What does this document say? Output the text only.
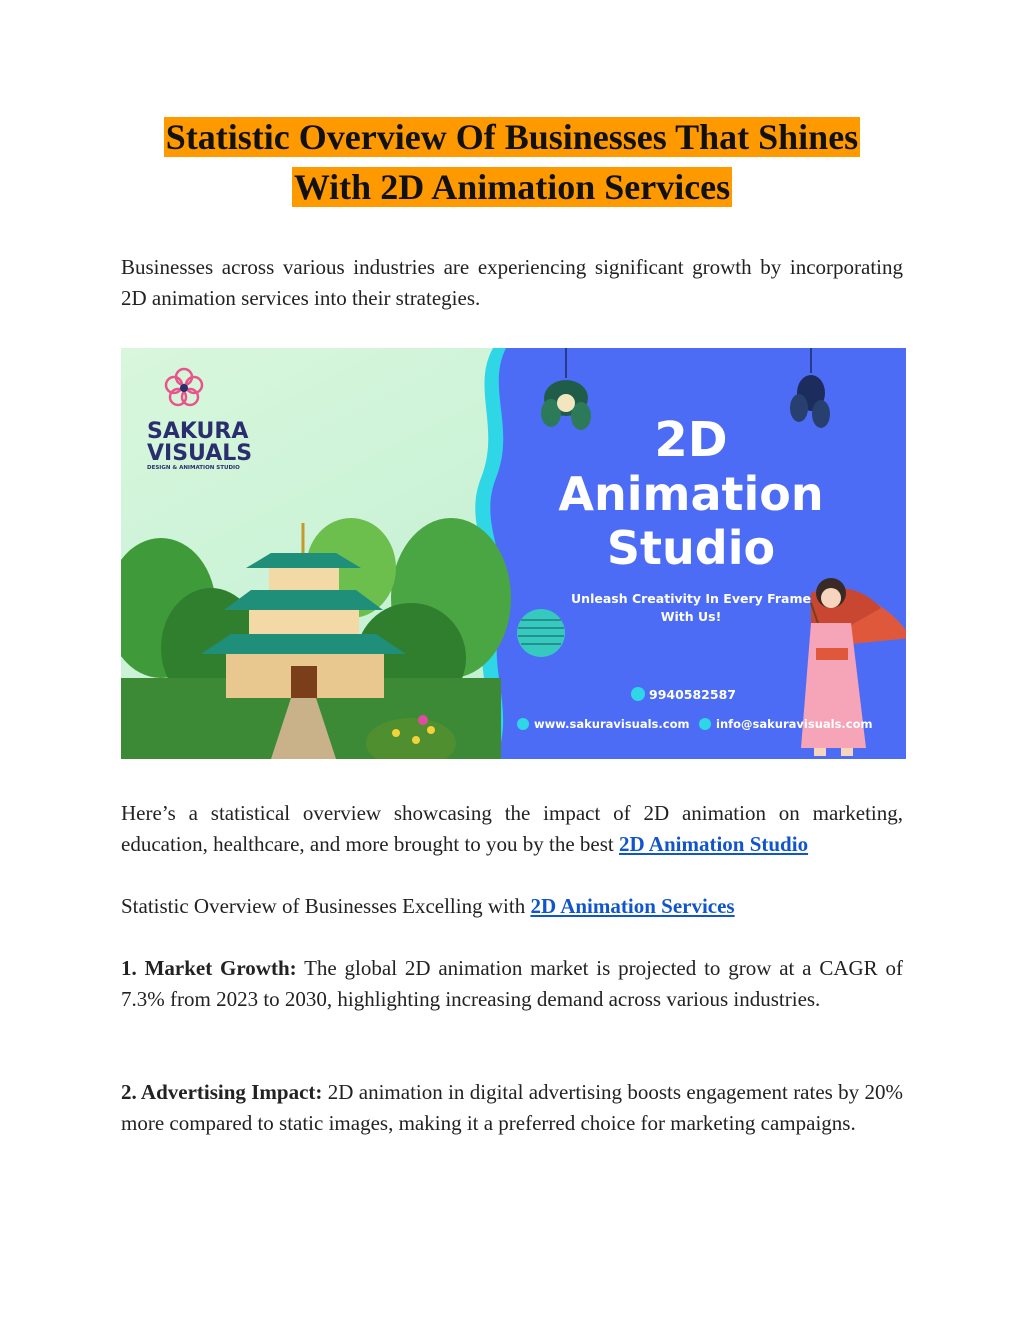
Statistic Overview Of Businesses That Shines
With 2D Animation Services

Businesses across various industries are experiencing significant growth by incorporating 2D animation services into their strategies.

SAKURA
VISUALS
DESIGN & ANIMATION STUDIO	2D
Animation
Studio
Unleash Creativity In Every Frame
With Us!
9940582587
www.sakuravisuals.com info@sakuravisuals.com

Here’s a statistical overview showcasing the impact of 2D animation on marketing, education, healthcare, and more brought to you by the best 2D Animation Studio

Statistic Overview of Businesses Excelling with 2D Animation Services

1. Market Growth: The global 2D animation market is projected to grow at a CAGR of 7.3% from 2023 to 2030, highlighting increasing demand across various industries.

2. Advertising Impact: 2D animation in digital advertising boosts engagement rates by 20% more compared to static images, making it a preferred choice for marketing campaigns.
